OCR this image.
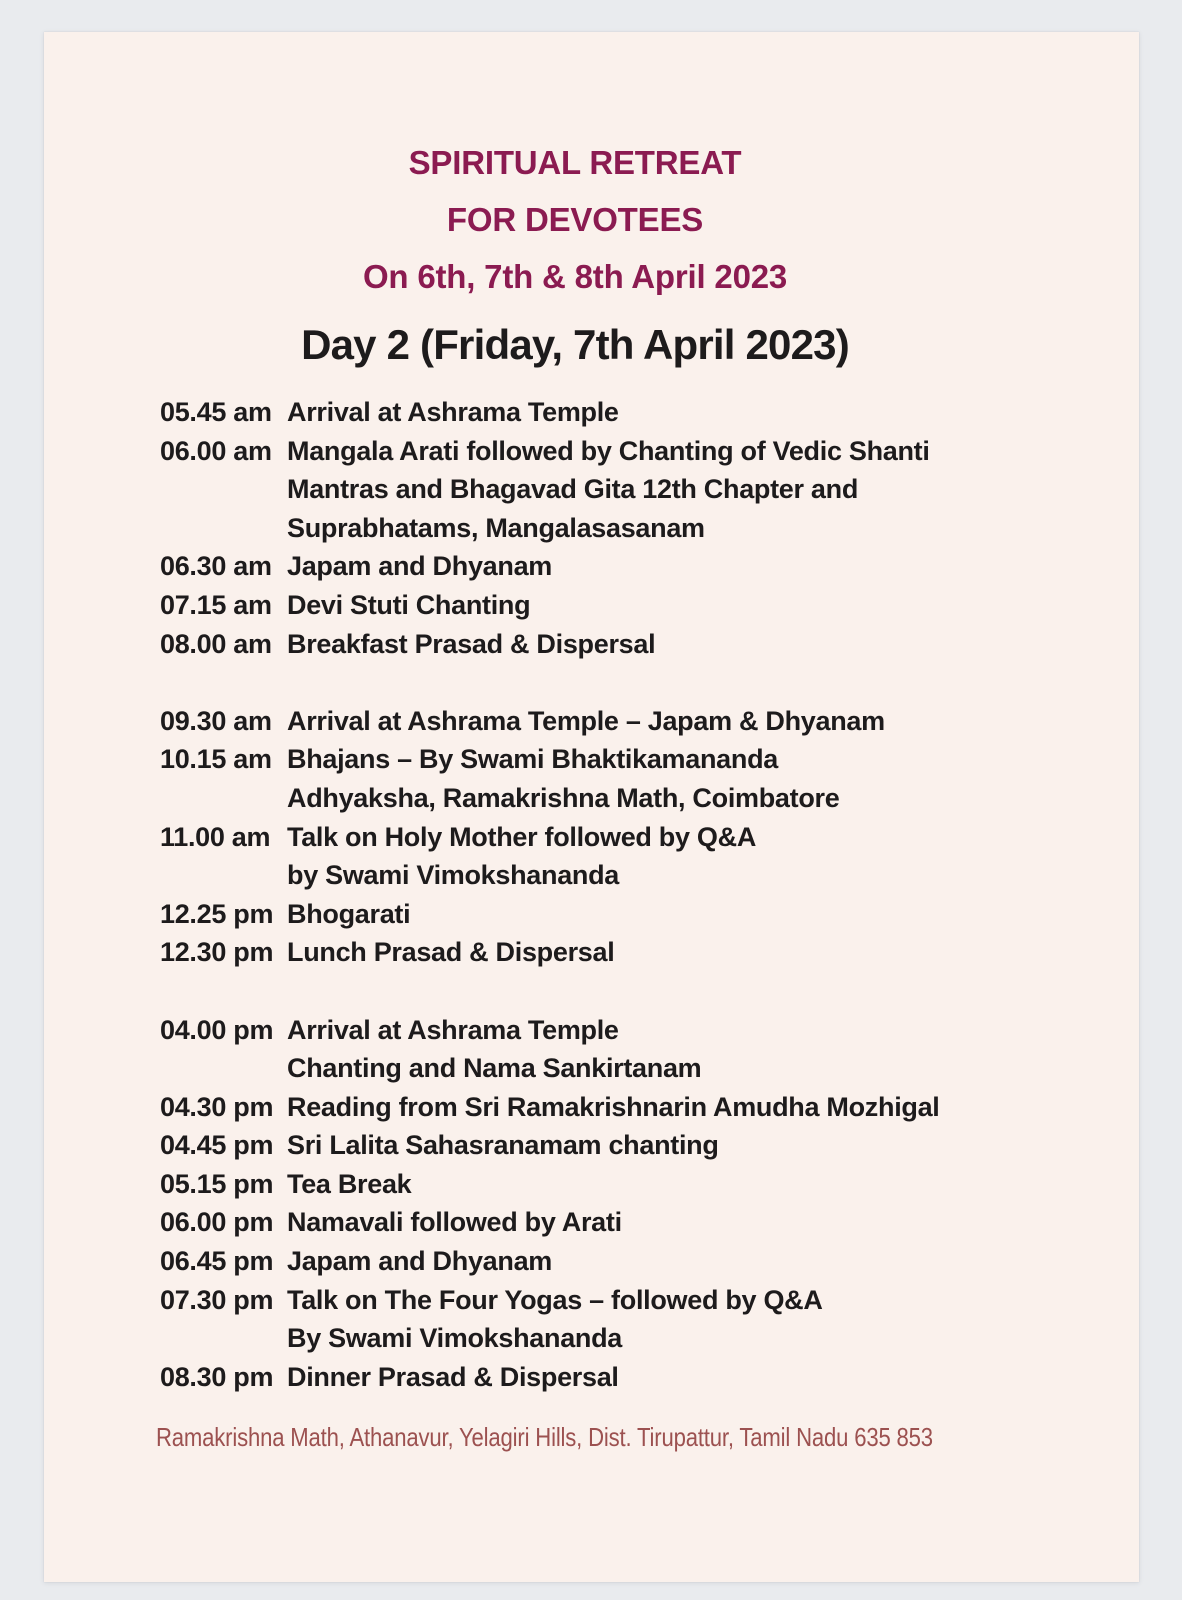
SPIRITUAL RETREAT
FOR DEVOTEES
On 6th, 7th & 8th April 2023
Day 2 (Friday, 7th April 2023)
05.45 am Arrival at Ashrama Temple
06.00 am Mangala Arati followed by Chanting of Vedic Shanti
Mantras and Bhagavad Gita 12th Chapter and
Suprabhatams, Mangalasasanam
06.30 am Japam and Dhyanam
07.15 am Devi Stuti Chanting
08.00 am Breakfast Prasad & Dispersal
09.30 am Arrival at Ashrama Temple – Japam & Dhyanam
10.15 am Bhajans – By Swami Bhaktikamananda
Adhyaksha, Ramakrishna Math, Coimbatore
11.00 am Talk on Holy Mother followed by Q&A
by Swami Vimokshananda
12.25 pm Bhogarati
12.30 pm Lunch Prasad & Dispersal
04.00 pm Arrival at Ashrama Temple
Chanting and Nama Sankirtanam
04.30 pm Reading from Sri Ramakrishnarin Amudha Mozhigal
04.45 pm Sri Lalita Sahasranamam chanting
05.15 pm Tea Break
06.00 pm Namavali followed by Arati
06.45 pm Japam and Dhyanam
07.30 pm Talk on The Four Yogas – followed by Q&A
By Swami Vimokshananda
08.30 pm Dinner Prasad & Dispersal
Ramakrishna Math, Athanavur, Yelagiri Hills, Dist. Tirupattur, Tamil Nadu 635 853
